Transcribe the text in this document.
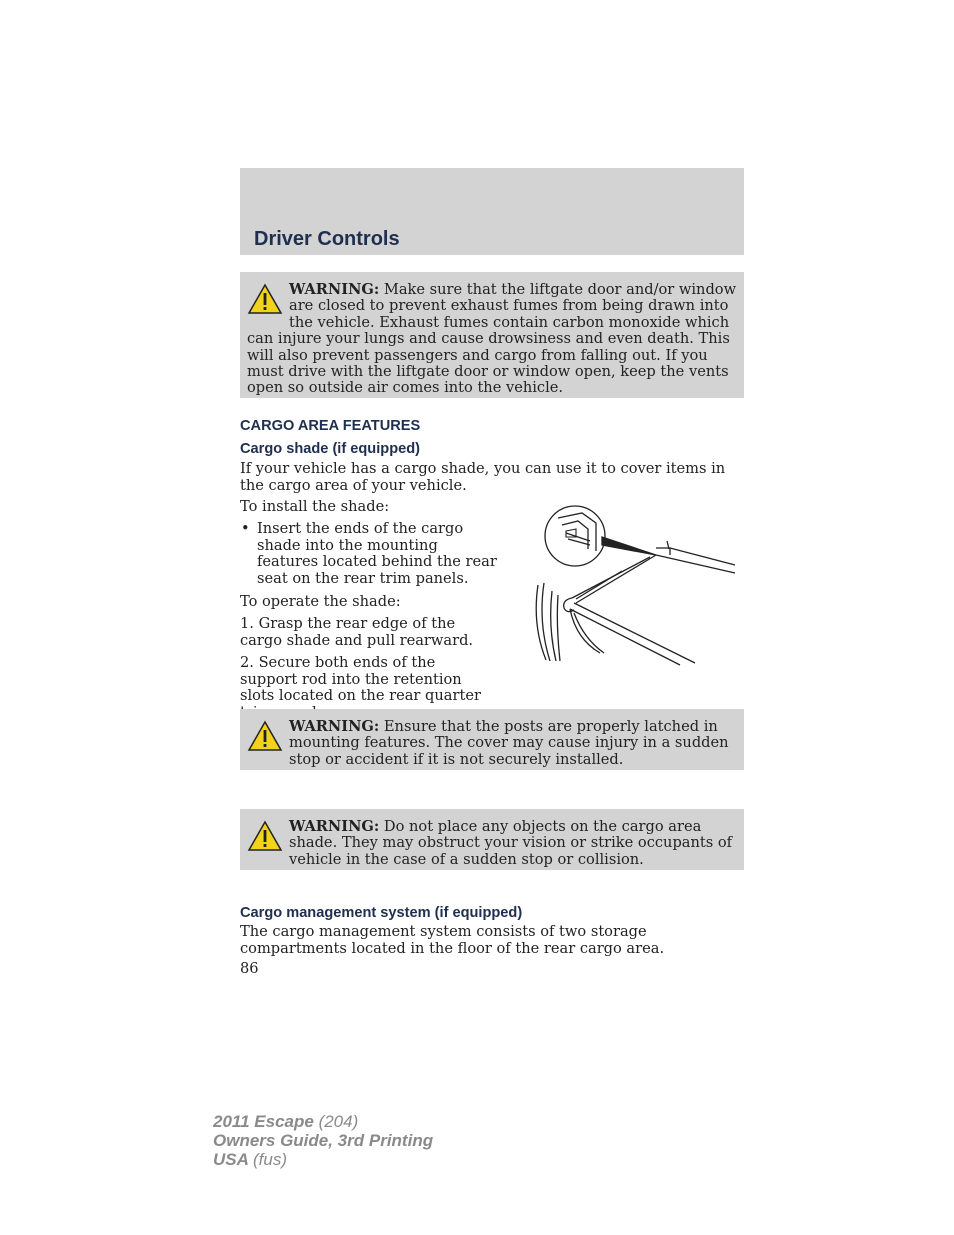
Driver Controls
WARNING: Make sure that the liftgate door and/or window are closed to prevent exhaust fumes from being drawn into the vehicle. Exhaust fumes contain carbon monoxide which can injure your lungs and cause drowsiness and even death. This will also prevent passengers and cargo from falling out. If you must drive with the liftgate door or window open, keep the vents open so outside air comes into the vehicle.
CARGO AREA FEATURES
Cargo shade (if equipped)

If your vehicle has a cargo shade, you can use it to cover items in the cargo area of your vehicle.

To install the shade:

• Insert the ends of the cargo shade into the mounting features located behind the rear seat on the rear trim panels.

To operate the shade:

1. Grasp the rear edge of the cargo shade and pull rearward.

2. Secure both ends of the support rod into the retention slots located on the rear quarter

WARNING: Ensure that the posts are properly latched in mounting features. The cover may cause injury in a sudden stop or accident if it is not securely installed.
WARNING: Do not place any objects on the cargo area shade. They may obstruct your vision or strike occupants of vehicle in the case of a sudden stop or collision.
Cargo management system (if equipped)

The cargo management system consists of two storage compartments located in the floor of the rear cargo area.

86

2011 Escape (204)
Owners Guide, 3rd Printing
USA (fus)
